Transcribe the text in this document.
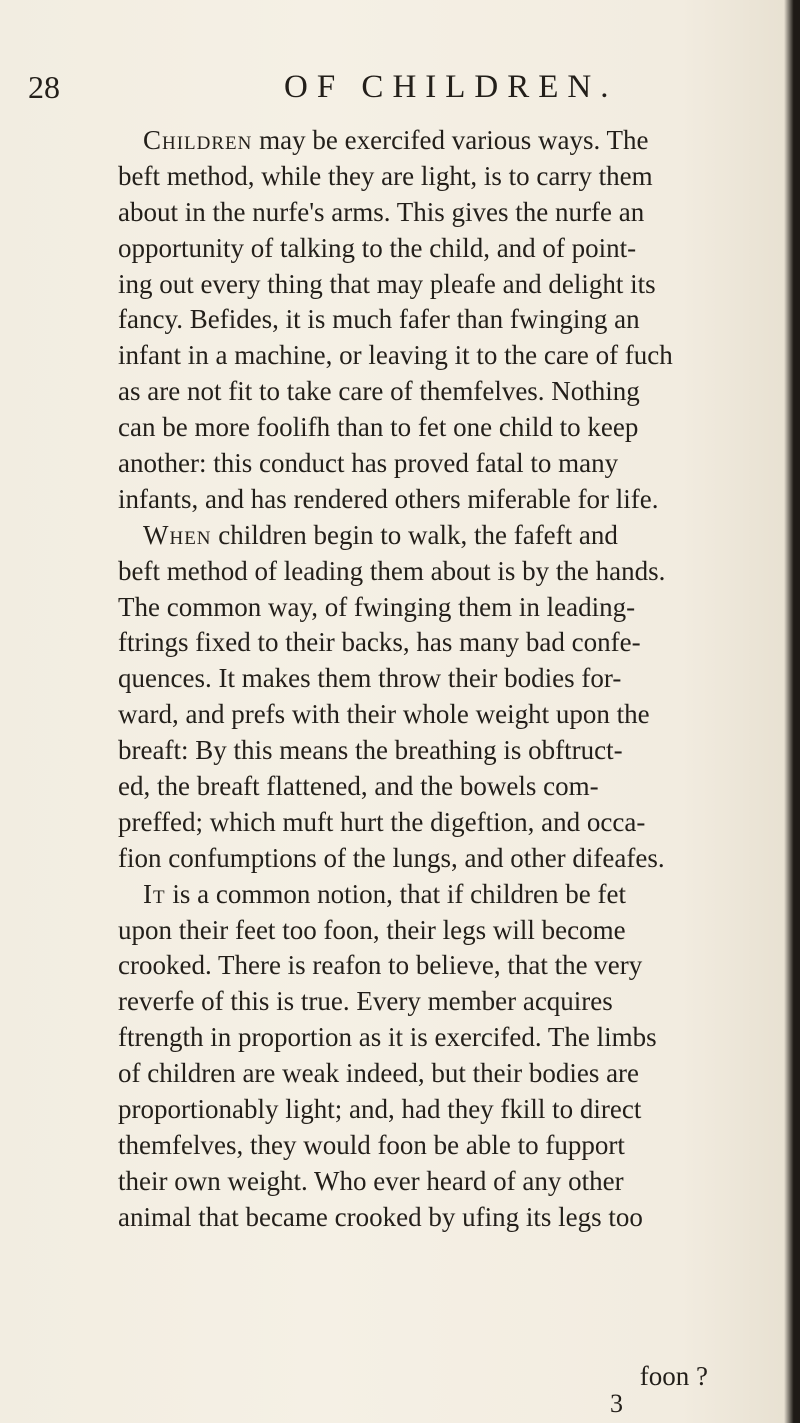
28	OF CHILDREN.
Children may be exercifed various ways. The
beft method, while they are light, is to carry them
about in the nurfe's arms. This gives the nurfe an
opportunity of talking to the child, and of point-
ing out every thing that may pleafe and delight its
fancy. Befides, it is much fafer than fwinging an
infant in a machine, or leaving it to the care of fuch
as are not fit to take care of themfelves. Nothing
can be more foolifh than to fet one child to keep
another: this conduct has proved fatal to many
infants, and has rendered others miferable for life.
When children begin to walk, the fafeft and
beft method of leading them about is by the hands.
The common way, of fwinging them in leading-
ftrings fixed to their backs, has many bad confe-
quences. It makes them throw their bodies for-
ward, and prefs with their whole weight upon the
breaft: By this means the breathing is obftruct-
ed, the breaft flattened, and the bowels com-
preffed; which muft hurt the digeftion, and occa-
fion confumptions of the lungs, and other difeafes.
It is a common notion, that if children be fet
upon their feet too foon, their legs will become
crooked. There is reafon to believe, that the very
reverfe of this is true. Every member acquires
ftrength in proportion as it is exercifed. The limbs
of children are weak indeed, but their bodies are
proportionably light; and, had they fkill to direct
themfelves, they would foon be able to fupport
their own weight. Who ever heard of any other
animal that became crooked by ufing its legs too
foon ?
3
